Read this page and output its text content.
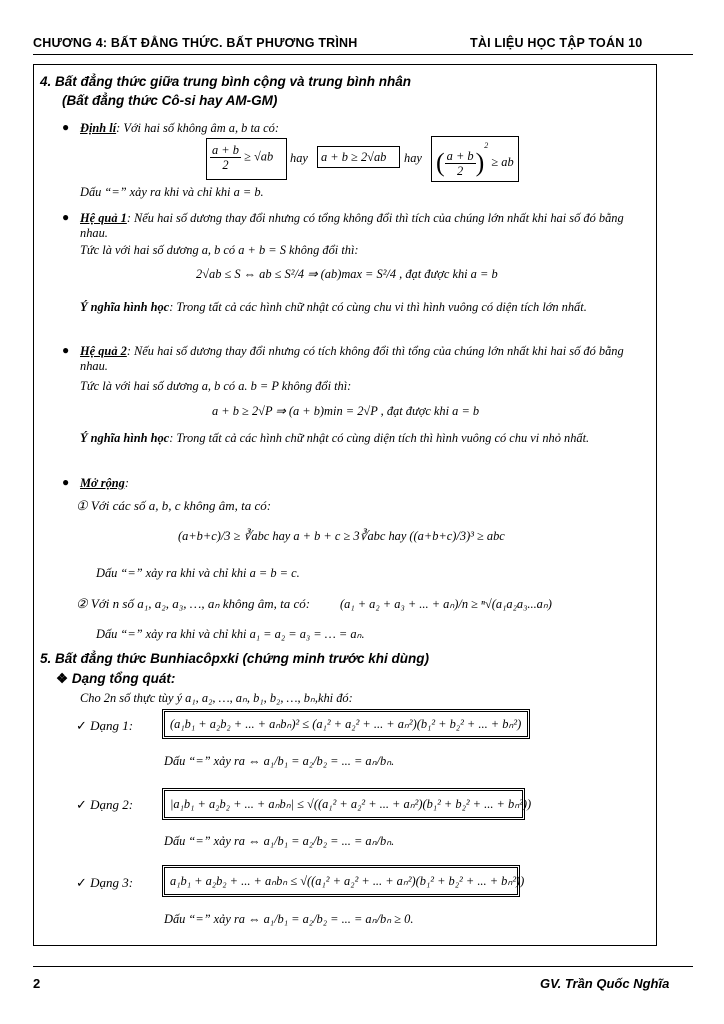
CHƯƠNG 4: BẤT ĐẲNG THỨC. BẤT PHƯƠNG TRÌNH	TÀI LIỆU HỌC TẬP TOÁN 10
4. Bất đẳng thức giữa trung bình cộng và trung bình nhân
(Bất đẳng thức Cô-si hay AM-GM)
● Định lí: Với hai số không âm a, b ta có:
$\frac{a + b}{2} \ge √ab$ hay a + b ≥ 2√ab hay ( $\frac{a + b}{2} )^2$ ≥ ab
Dấu “=” xảy ra khi và chỉ khi a = b.
● Hệ quả 1: Nếu hai số dương thay đổi nhưng có tổng không đổi thì tích của chúng lớn nhất khi hai số đó bằng nhau.
Tức là với hai số dương a, b có a + b = S không đổi thì:
2√ab ≤ S ⇔ ab ≤ S²/4 ⇒ (ab)max = S²/4 , đạt được khi a = b
Ý nghĩa hình học: Trong tất cả các hình chữ nhật có cùng chu vi thì hình vuông có diện tích lớn nhất.
● Hệ quả 2: Nếu hai số dương thay đổi nhưng có tích không đổi thì tổng của chúng lớn nhất khi hai số đó bằng nhau.
Tức là với hai số dương a, b có a. b = P không đổi thì:
a + b ≥ 2√P ⇒ (a + b)min = 2√P , đạt được khi a = b
Ý nghĩa hình học: Trong tất cả các hình chữ nhật có cùng diện tích thì hình vuông có chu vi nhỏ nhất.
● Mở rộng:
① Với các số a, b, c không âm, ta có:
(a+b+c)/3 ≥ ∛abc hay a + b + c ≥ 3∛abc hay ((a+b+c)/3)³ ≥ abc
Dấu “=” xảy ra khi và chỉ khi a = b = c.
② Với n số a₁, a₂, a₃, …, aₙ không âm, ta có: (a₁ + a₂ + a₃ + ... + aₙ)/n ≥ ⁿ√(a₁a₂a₃...aₙ)
Dấu “=” xảy ra khi và chỉ khi a₁ = a₂ = a₃ = … = aₙ.
5. Bất đẳng thức Bunhiacôpxki (chứng minh trước khi dùng)
❖ Dạng tổng quát:
Cho 2n số thực tùy ý a₁, a₂, …, aₙ, b₁, b₂, …, bₙ,khi đó:
✓ Dạng 1:	(a₁b₁ + a₂b₂ + ... + aₙbₙ)² ≤ (a₁² + a₂² + ... + aₙ²)(b₁² + b₂² + ... + bₙ²)
Dấu “=” xảy ra ⇔ a₁/b₁ = a₂/b₂ = ... = aₙ/bₙ.
✓ Dạng 2:	|a₁b₁ + a₂b₂ + ... + aₙbₙ| ≤ √((a₁² + a₂² + ... + aₙ²)(b₁² + b₂² + ... + bₙ²))
Dấu “=” xảy ra ⇔ a₁/b₁ = a₂/b₂ = ... = aₙ/bₙ.
✓ Dạng 3:	a₁b₁ + a₂b₂ + ... + aₙbₙ ≤ √((a₁² + a₂² + ... + aₙ²)(b₁² + b₂² + ... + bₙ²))
Dấu “=” xảy ra ⇔ a₁/b₁ = a₂/b₂ = ... = aₙ/bₙ ≥ 0.
2	GV. Trần Quốc Nghĩa
